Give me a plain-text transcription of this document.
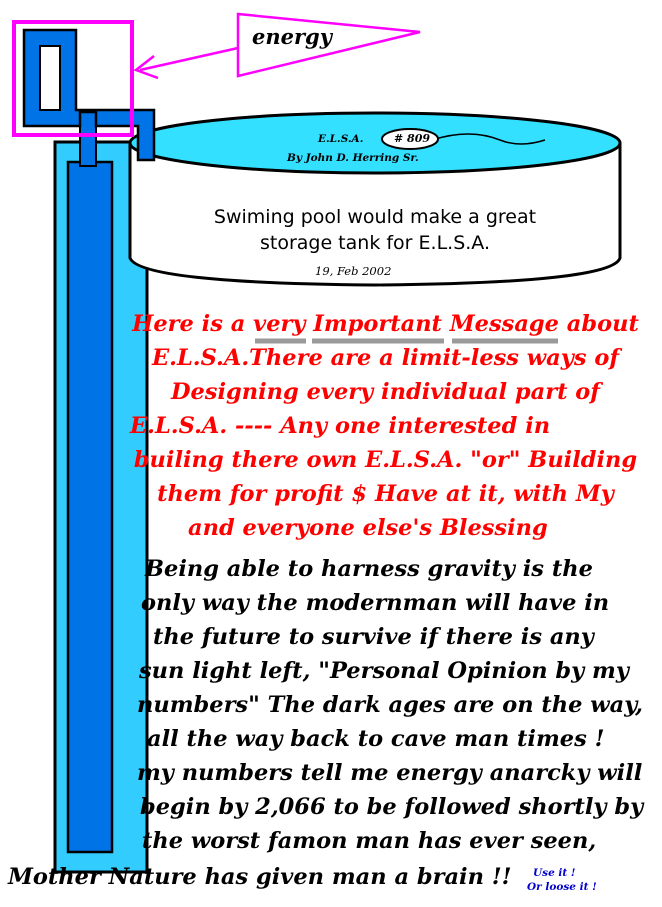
energy
E.L.S.A.	# 809
By John D. Herring Sr.
Swiming pool would make a great
storage tank for E.L.S.A.
19, Feb 2002
Here is a very Important Message about
E.L.S.A.There are a limit-less ways of
Designing every individual part of
E.L.S.A. ---- Any one interested in
builing there own E.L.S.A. "or" Building
them for profit $ Have at it, with My
and everyone else's Blessing
Being able to harness gravity is the
only way the modernman will have in
the future to survive if there is any
sun light left, "Personal Opinion by my
numbers" The dark ages are on the way,
all the way back to cave man times !
my numbers tell me energy anarcky will
begin by 2,066 to be followed shortly by
the worst famon man has ever seen,
Mother Nature has given man a brain !!	Use it !
Or loose it !
